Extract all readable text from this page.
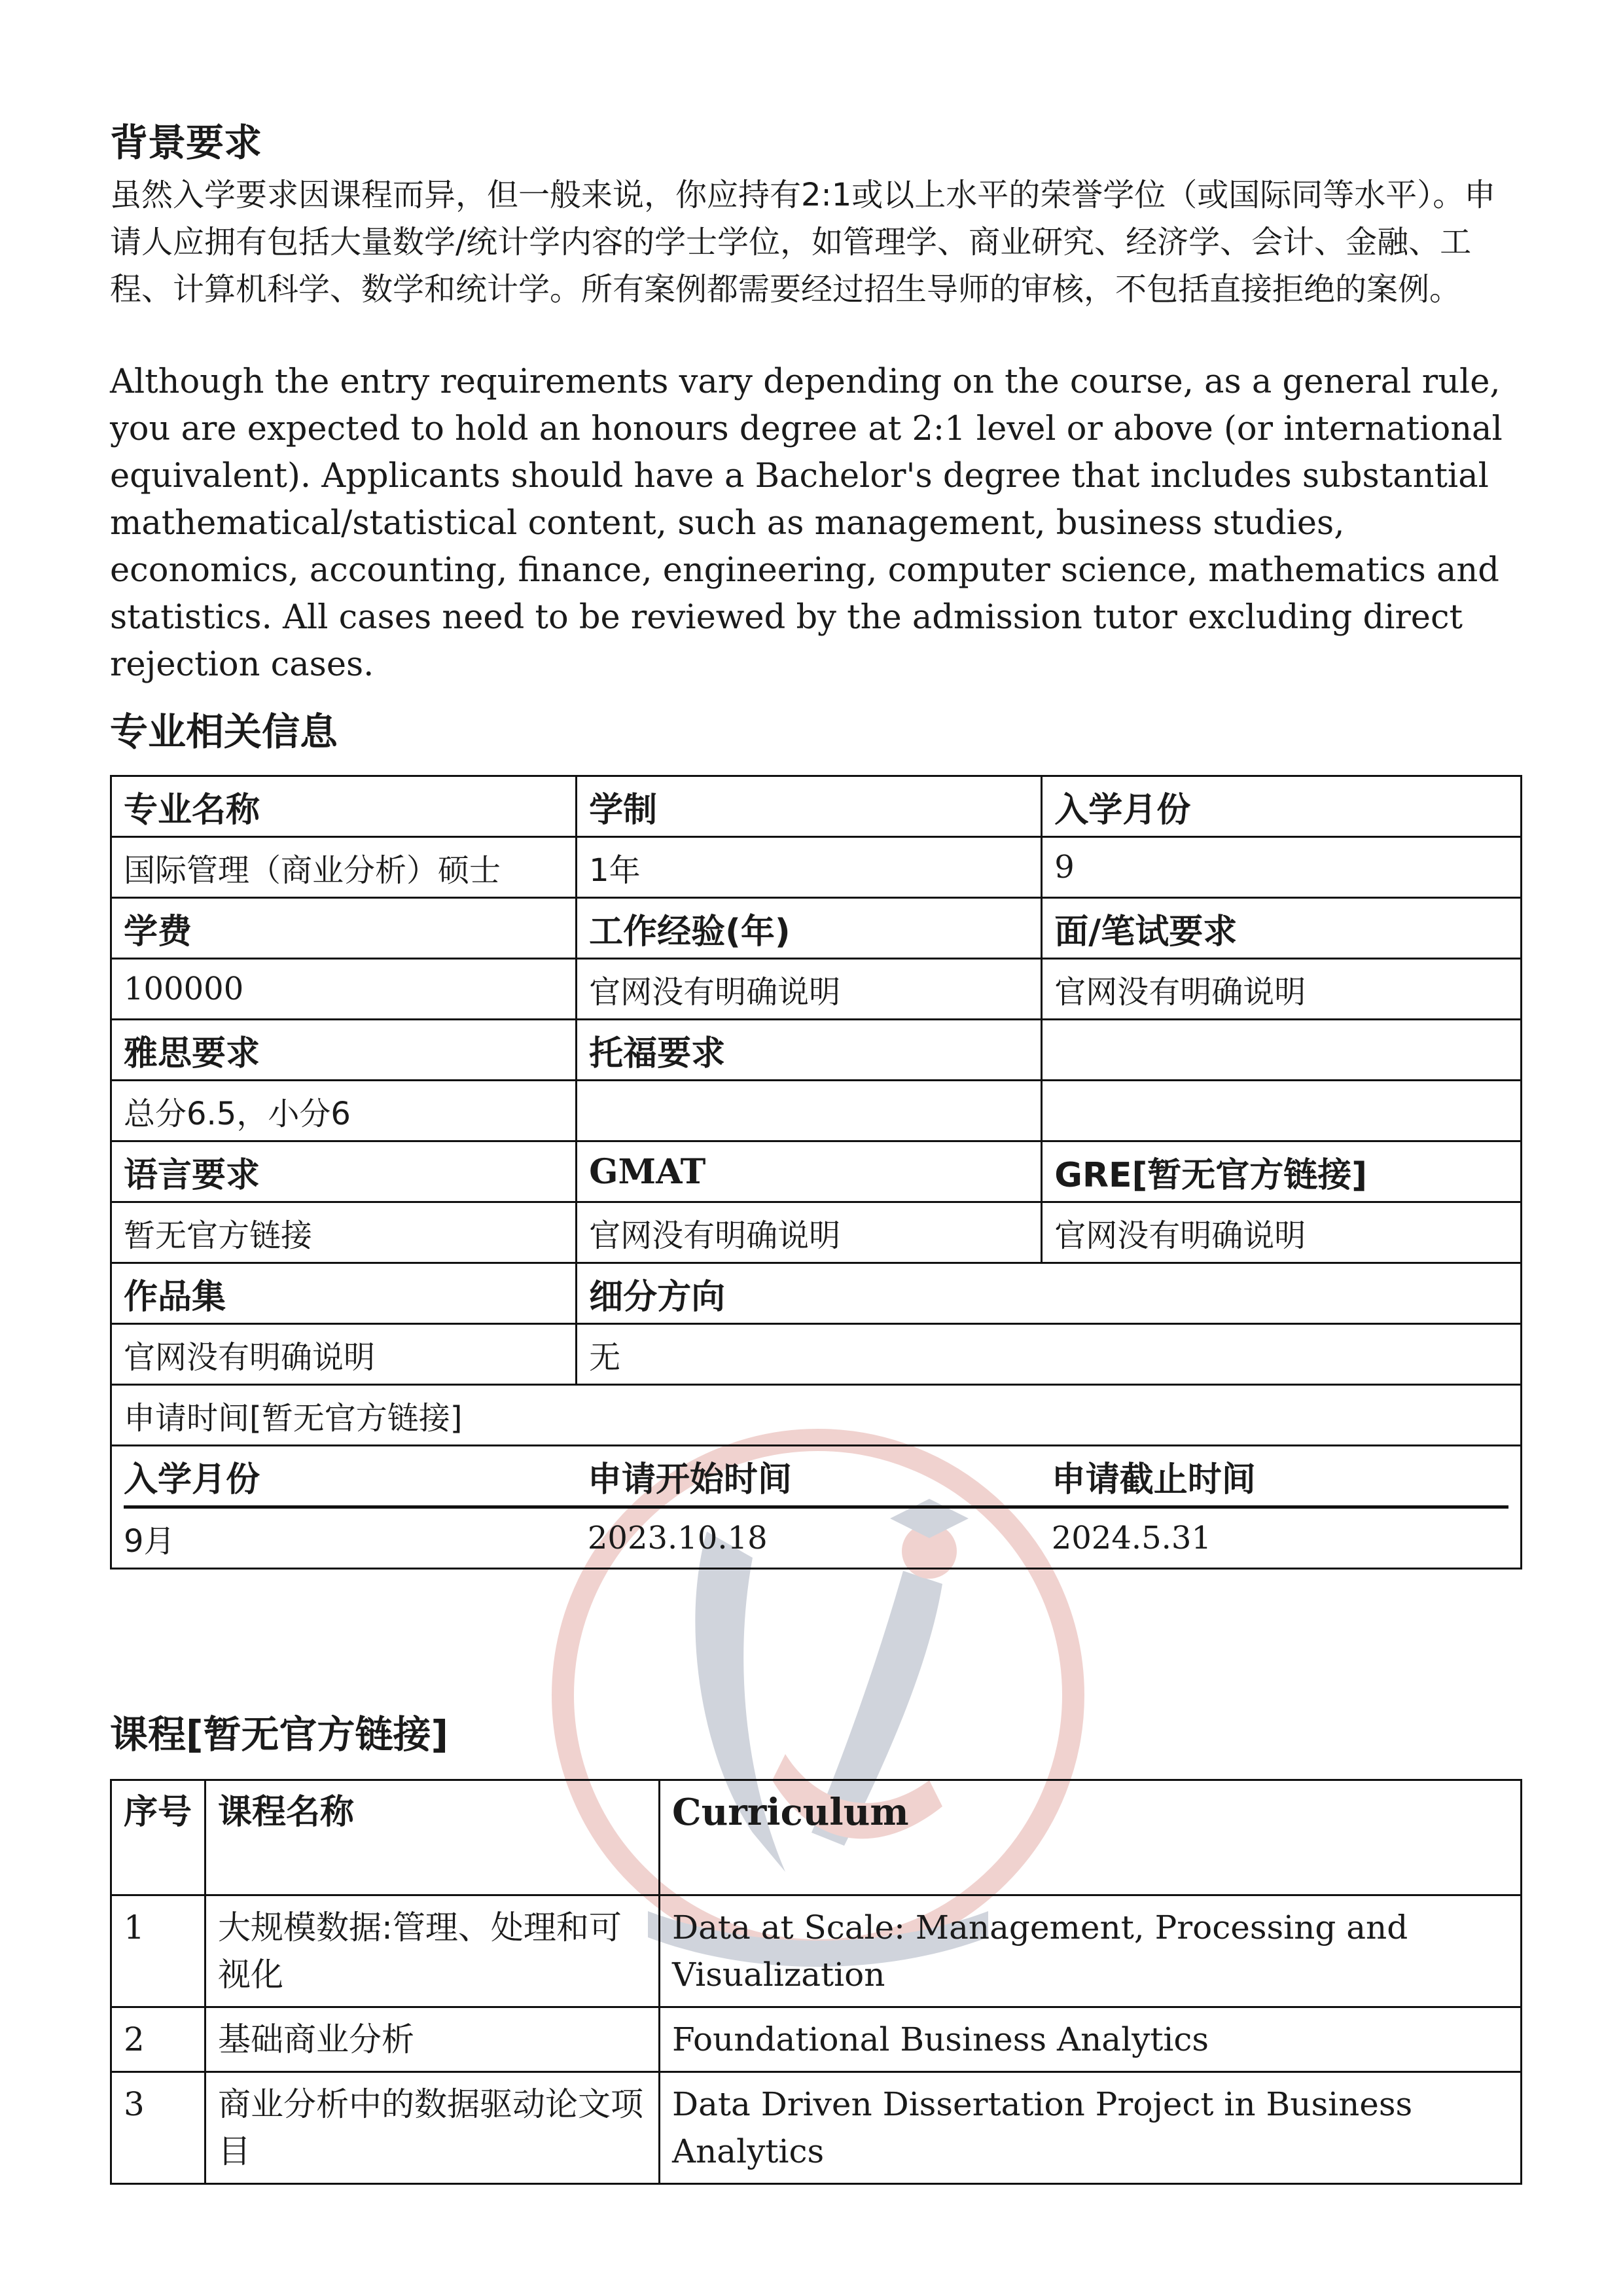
背景要求

虽然入学要求因课程而异，但一般来说，你应持有2:1或以上水平的荣誉学位（或国际同等水平）。申请人应拥有包括大量数学/统计学内容的学士学位，如管理学、商业研究、经济学、会计、金融、工程、计算机科学、数学和统计学。所有案例都需要经过招生导师的审核，不包括直接拒绝的案例。

Although the entry requirements vary depending on the course, as a general rule, you are expected to hold an honours degree at 2:1 level or above (or international equivalent). Applicants should have a Bachelor's degree that includes substantial mathematical/statistical content, such as management, business studies, economics, accounting, finance, engineering, computer science, mathematics and statistics. All cases need to be reviewed by the admission tutor excluding direct rejection cases.

专业相关信息
专业名称	学制	入学月份
国际管理（商业分析）硕士	1年	9
学费	工作经验(年)	面/笔试要求
100000	官网没有明确说明	官网没有明确说明
雅思要求	托福要求	
总分6.5，小分6		
语言要求	GMAT	GRE[暂无官方链接]
暂无官方链接	官网没有明确说明	官网没有明确说明
作品集	细分方向
官网没有明确说明	无
申请时间[暂无官方链接]

入学月份	申请开始时间	申请截止时间
9月	2023.10.18	2024.5.31
课程[暂无官方链接]
序号	课程名称	Curriculum
1	大规模数据:管理、处理和可视化	Data at Scale: Management, Processing and Visualization
2	基础商业分析	Foundational Business Analytics
3	商业分析中的数据驱动论文项目	Data Driven Dissertation Project in Business Analytics
